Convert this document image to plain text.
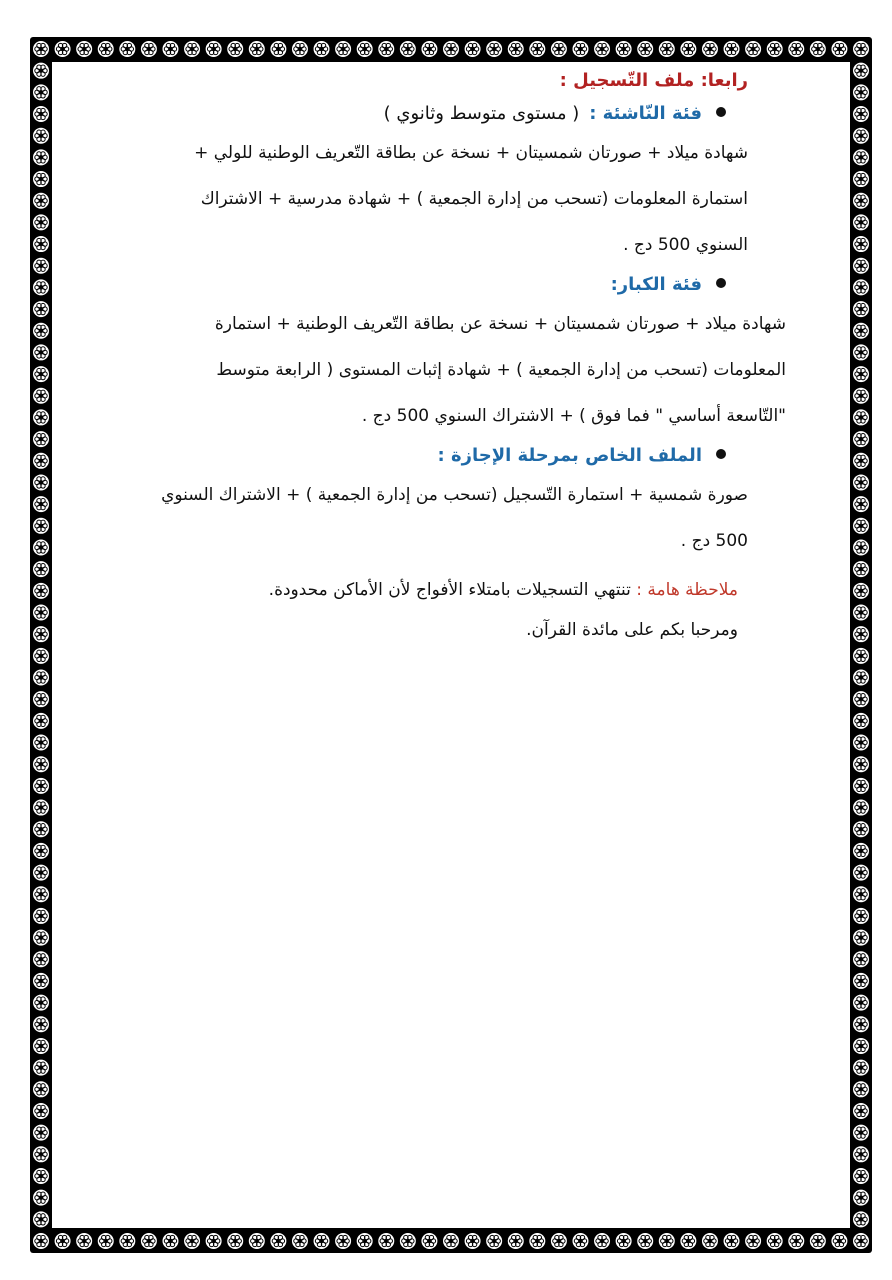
رابعا: ملف التّسجيل :
فئة النّاشئة :
( مستوى متوسط وثانوي )

شهادة ميلاد + صورتان شمسيتان + نسخة عن بطاقة التّعريف الوطنية للولي +

استمارة المعلومات (تسحب من إدارة الجمعية ) + شهادة مدرسية + الاشتراك

السنوي 500 دج .

فئة الكبار:

شهادة ميلاد + صورتان شمسيتان + نسخة عن بطاقة التّعريف الوطنية + استمارة

المعلومات (تسحب من إدارة الجمعية ) + شهادة إثبات المستوى ( الرابعة متوسط

"التّاسعة أساسي " فما فوق ) + الاشتراك السنوي 500 دج .

الملف الخاص بمرحلة الإجازة :

صورة شمسية + استمارة التّسجيل (تسحب من إدارة الجمعية ) + الاشتراك السنوي

500 دج .

ملاحظة هامة : تنتهي التسجيلات بامتلاء الأفواج لأن الأماكن محدودة.
ومرحبا بكم على مائدة القرآن.
